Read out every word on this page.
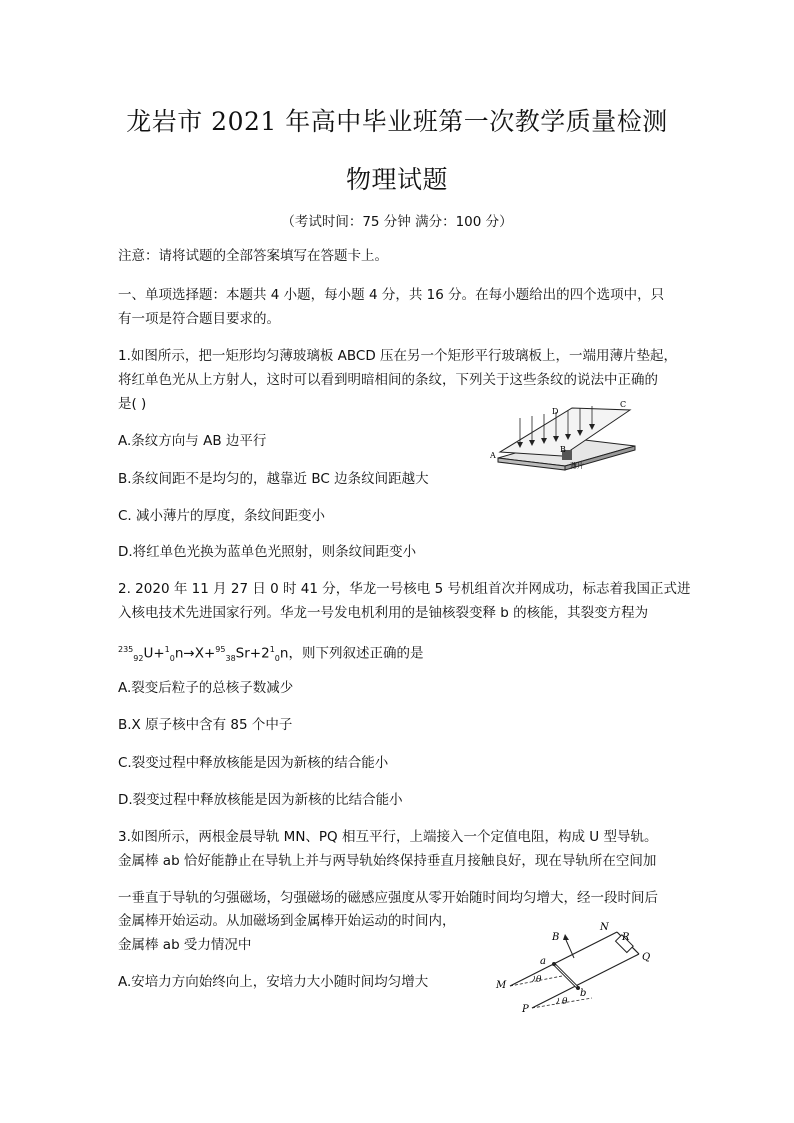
龙岩市 2021 年高中毕业班第一次教学质量检测
物理试题
（考试时间：75 分钟 满分：100 分）
注意：请将试题的全部答案填写在答题卡上。
一、单项选择题：本题共 4 小题，每小题 4 分，共 16 分。在每小题给出的四个选项中，只
有一项是符合题目要求的。
1.如图所示，把一矩形均匀薄玻璃板 ABCD 压在另一个矩形平行玻璃板上，一端用薄片垫起，
将红单色光从上方射人，这时可以看到明暗相间的条纹，下列关于这些条纹的说法中正确的
是( )
A.条纹方向与 AB 边平行
B.条纹间距不是均匀的，越靠近 BC 边条纹间距越大
C. 减小薄片的厚度，条纹间距变小
D.将红单色光换为蓝单色光照射，则条纹间距变小
A
B
C
D
薄片
2. 2020 年 11 月 27 日 0 时 41 分，华龙一号核电 5 号机组首次并网成功，标志着我国正式进
入核电技术先进国家行列。华龙一号发电机利用的是铀核裂变释 b 的核能，其裂变方程为
$^{235}_{92}U+^1_0n\to X+^{95}_{38}Sr+2^1_0n$，则下列叙述正确的是
A.裂变后粒子的总核子数减少
B.X 原子核中含有 85 个中子
C.裂变过程中释放核能是因为新核的结合能小
D.裂变过程中释放核能是因为新核的比结合能小
3.如图所示，两根金晨导轨 MN、PQ 相互平行，上端接入一个定值电阻，构成 U 型导轨。
金属棒 ab 恰好能静止在导轨上并与两导轨始终保持垂直月接触良好，现在导轨所在空间加
一垂直于导轨的匀强磁场，匀强磁场的磁感应强度从零开始随时间均匀增大，经一段时间后
金属棒开始运动。从加磁场到金属棒开始运动的时间内，
金属棒 ab 受力情况中
A.安培力方向始终向上，安培力大小随时间均匀增大
B
N
R
Q
a
M
P
b
θ
θ
